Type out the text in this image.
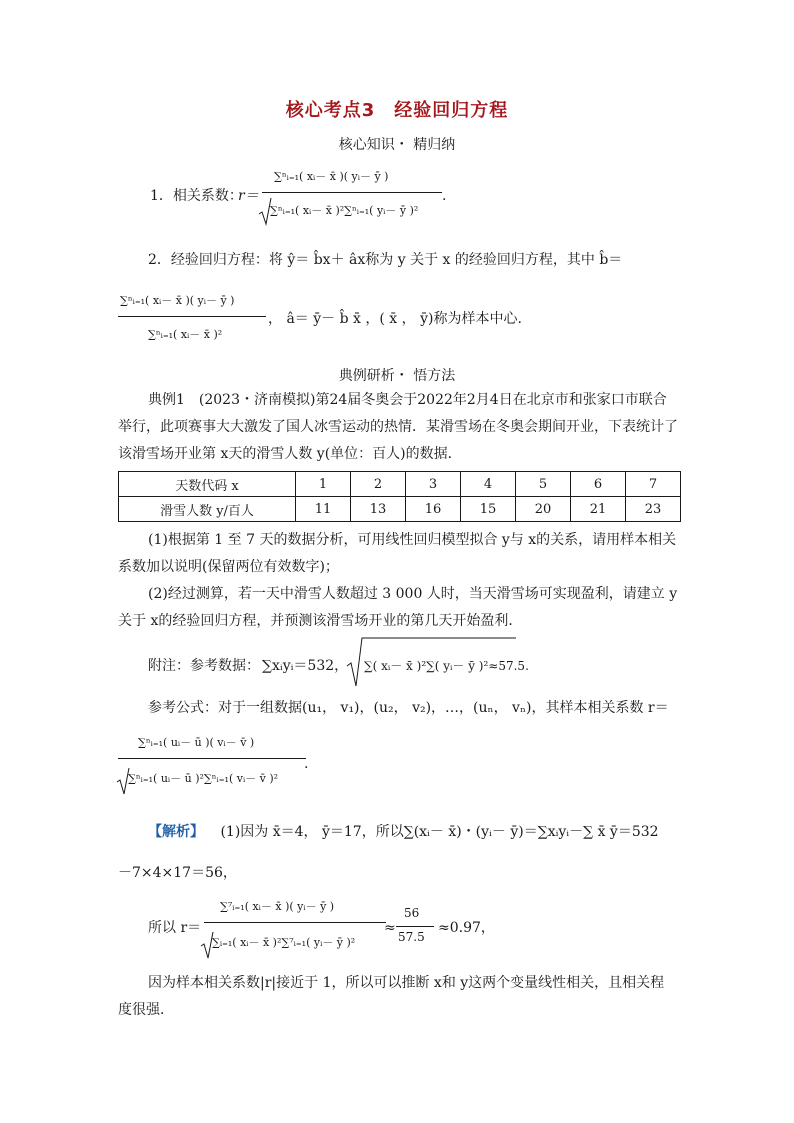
核心考点3　经验回归方程
核心知识・ 精归纳
1．相关系数：
r＝
∑ⁿᵢ₌₁( xᵢ－ x̄ )( yᵢ－ ȳ )
∑ⁿᵢ₌₁( xᵢ－ x̄ )²∑ⁿᵢ₌₁( yᵢ－ ȳ )²
.
2．经验回归方程：将 ŷ＝ b̂x＋ âx称为 y 关于 x 的经验回归方程，其中 b̂＝
∑ⁿᵢ₌₁( xᵢ－ x̄ )( yᵢ－ ȳ )
∑ⁿᵢ₌₁( xᵢ－ x̄ )²
， â＝ ȳ－ b̂ x̄ ，( x̄ ， ȳ)称为样本中心.
典例研析・ 悟方法
典例1　(2023・济南模拟)第24届冬奥会于2022年2月4日在北京市和张家口市联合
举行，此项赛事大大激发了国人冰雪运动的热情．某滑雪场在冬奥会期间开业，下表统计了
该滑雪场开业第 x天的滑雪人数 y(单位：百人)的数据．
天数代码 x	1	2	3	4	5	6	7
滑雪人数 y/百人	11	13	16	15	20	21	23
(1)根据第 1 至 7 天的数据分析，可用线性回归模型拟合 y与 x的关系，请用样本相关
系数加以说明(保留两位有效数字)；
(2)经过测算，若一天中滑雪人数超过 3 000 人时，当天滑雪场可实现盈利，请建立 y
关于 x的经验回归方程，并预测该滑雪场开业的第几天开始盈利．
附注：参考数据： ∑xᵢyᵢ＝532， ∑( xᵢ－ x̄ )²∑( yᵢ－ ȳ )²≈57.5.
参考公式：对于一组数据(u₁， v₁)，(u₂， v₂)，…，(uₙ， vₙ)，其样本相关系数 r＝
∑ⁿᵢ₌₁( uᵢ－ ū )( vᵢ－ v̄ )
∑ⁿᵢ₌₁( uᵢ－ ū )²∑ⁿᵢ₌₁( vᵢ－ v̄ )²
.
【解析】 (1)因为 x̄＝4， ȳ＝17，所以∑(xᵢ－ x̄)・(yᵢ－ ȳ)＝∑xᵢyᵢ－∑ x̄ ȳ＝532
－7×4×17＝56，
所以 r＝
∑⁷ᵢ₌₁( xᵢ－ x̄ )( yᵢ－ ȳ )
∑ᵢ₌₁( xᵢ－ x̄ )²∑⁷ᵢ₌₁( yᵢ－ ȳ )²
≈
56
57.5
≈0.97，
因为样本相关系数|r|接近于 1，所以可以推断 x和 y这两个变量线性相关，且相关程
度很强．
